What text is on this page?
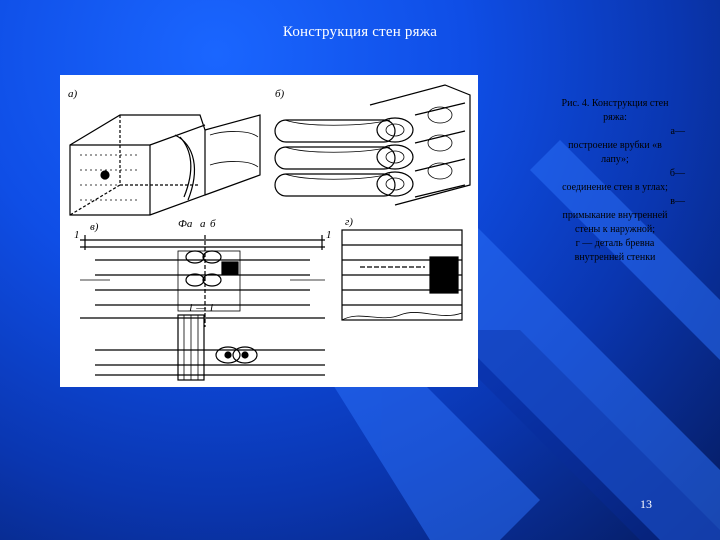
Конструкция стен ряжа
а)	б)
в)	г)
Фа а б
1	1
1 — 1
а
Рис. 4. Конструкция стен
ряжа:
а—
построение врубки «в
лапу»;
б—
соединение стен в углах;
в—
примыкание внутренней
стены к наружной;
г — деталь бревна
внутренней стенки
13
